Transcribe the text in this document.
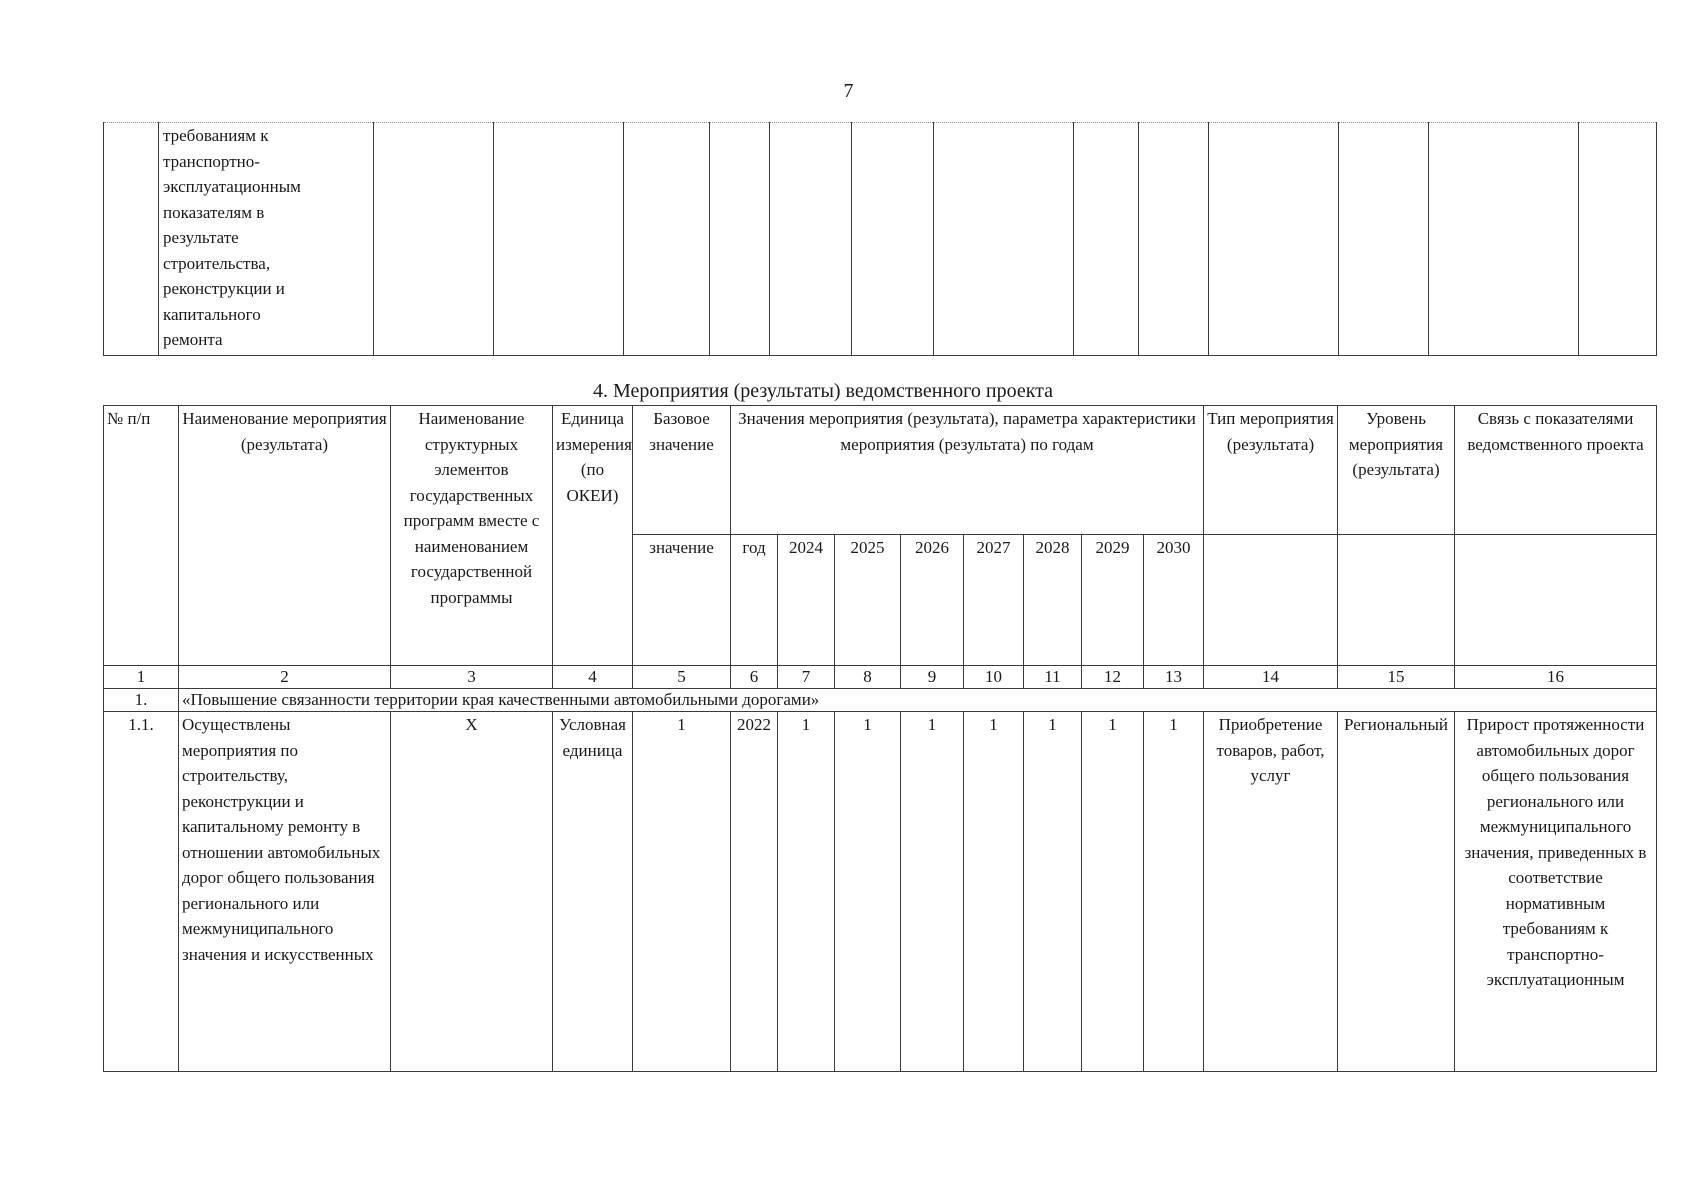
7

требованиям к
транспортно-
эксплуатационным
показателям в
результате
строительства,
реконструкции и
капитального
ремонта

4. Мероприятия (результаты) ведомственного проекта
№ п/п	Наименование мероприятия (результата)	Наименование структурных элементов государственных программ вместе с наименованием государственной программы	Единица измерения (по ОКЕИ)	Базовое значение	Значения мероприятия (результата), параметра характеристики мероприятия (результата) по годам								Тип мероприятия (результата)	Уровень мероприятия (результата)	Связь с показателями ведомственного проекта
				значение	год	2024	2025	2026	2027	2028	2029	2030			
1	2	3	4	5	6	7	8	9	10	11	12	13	14	15	16
1.	«Повышение связанности территории края качественными автомобильными дорогами»														
1.1.	Осуществлены мероприятия по строительству, реконструкции и капитальному ремонту в отношении автомобильных дорог общего пользования регионального или межмуниципального значения и искусственных	Х	Условная единица	1	2022	1	1	1	1	1	1	1	Приобретение товаров, работ, услуг	Региональный	Прирост протяженности автомобильных дорог общего пользования регионального или межмуниципального значения, приведенных в соответствие нормативным требованиям к транспортно-эксплуатационным
